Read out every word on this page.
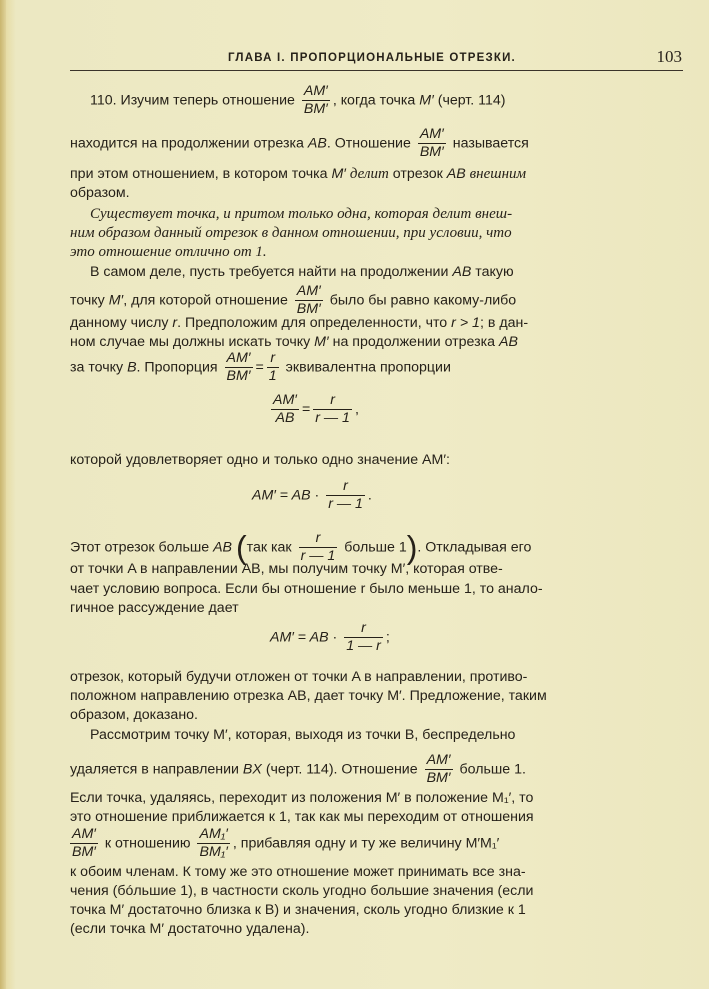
ГЛАВА I. ПРОПОРЦИОНАЛЬНЫЕ ОТРЕЗКИ.	103
110. Изучим теперь отношение $\frac{AM'}{BM'}$ , когда точка M′ (черт. 114)
находится на продолжении отрезка AB. Отношение $\frac{AM'}{BM'}$ называется
при этом отношением, в котором точка M′ делит отрезок AB внешним
образом.
Существует точка, и притом только одна, которая делит внеш-
ним образом данный отрезок в данном отношении, при условии, что
это отношение отлично от 1.
В самом деле, пусть требуется найти на продолжении AB такую
точку M′, для которой отношение $\frac{AM'}{BM'}$ было бы равно какому-либо
данному числу r. Предположим для определенности, что r > 1; в дан-
ном случае мы должны искать точку M′ на продолжении отрезка AB
за точку B. Пропорция $\frac{AM'}{BM'} = \frac{r}{1}$ эквивалентна пропорции
$\frac{AM'}{AB} = \frac{r}{r — 1}$ ,
которой удовлетворяет одно и только одно значение AM′:
AM′ = AB · $\frac{r}{r — 1}$ .
Этот отрезок больше AB (так как $\frac{r}{r — 1}$ больше 1). Откладывая его
от точки A в направлении AB, мы получим точку M′, которая отве-
чает условию вопроса. Если бы отношение r было меньше 1, то анало-
гичное рассуждение дает
AM′ = AB · $\frac{r}{1 — r}$ ;
отрезок, который будучи отложен от точки A в направлении, противо-
положном направлению отрезка AB, дает точку M′. Предложение, таким
образом, доказано.
Рассмотрим точку M′, которая, выходя из точки B, беспредельно
удаляется в направлении BX (черт. 114). Отношение $\frac{AM'}{BM'}$ больше 1.
Если точка, удаляясь, переходит из положения M′ в положение M₁′, то
это отношение приближается к 1, так как мы переходим от отношения
$\frac{AM'}{BM'}$ к отношению $\frac{\text{AM₁′}}{\text{BM₁′}}$ , прибавляя одну и ту же величину M′M₁′
к обоим членам. К тому же это отношение может принимать все зна-
чения (бóльшие 1), в частности сколь угодно большие значения (если
точка M′ достаточно близка к B) и значения, сколь угодно близкие к 1
(если точка M′ достаточно удалена).
